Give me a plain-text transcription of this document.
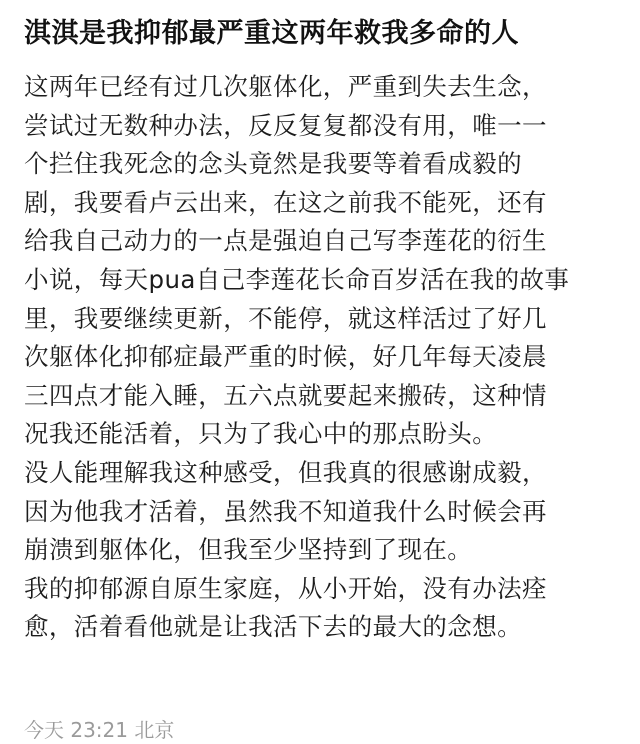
淇淇是我抑郁最严重这两年救我多命的人
这两年已经有过几次躯体化，严重到失去生念，
尝试过无数种办法，反反复复都没有用，唯一一
个拦住我死念的念头竟然是我要等着看成毅的
剧，我要看卢云出来，在这之前我不能死，还有
给我自己动力的一点是强迫自己写李莲花的衍生
小说，每天pua自己李莲花长命百岁活在我的故事
里，我要继续更新，不能停，就这样活过了好几
次躯体化抑郁症最严重的时候，好几年每天凌晨
三四点才能入睡，五六点就要起来搬砖，这种情
况我还能活着，只为了我心中的那点盼头。
没人能理解我这种感受，但我真的很感谢成毅，
因为他我才活着，虽然我不知道我什么时候会再
崩溃到躯体化，但我至少坚持到了现在。
我的抑郁源自原生家庭，从小开始，没有办法痊
愈，活着看他就是让我活下去的最大的念想。
今天 23:21 北京
